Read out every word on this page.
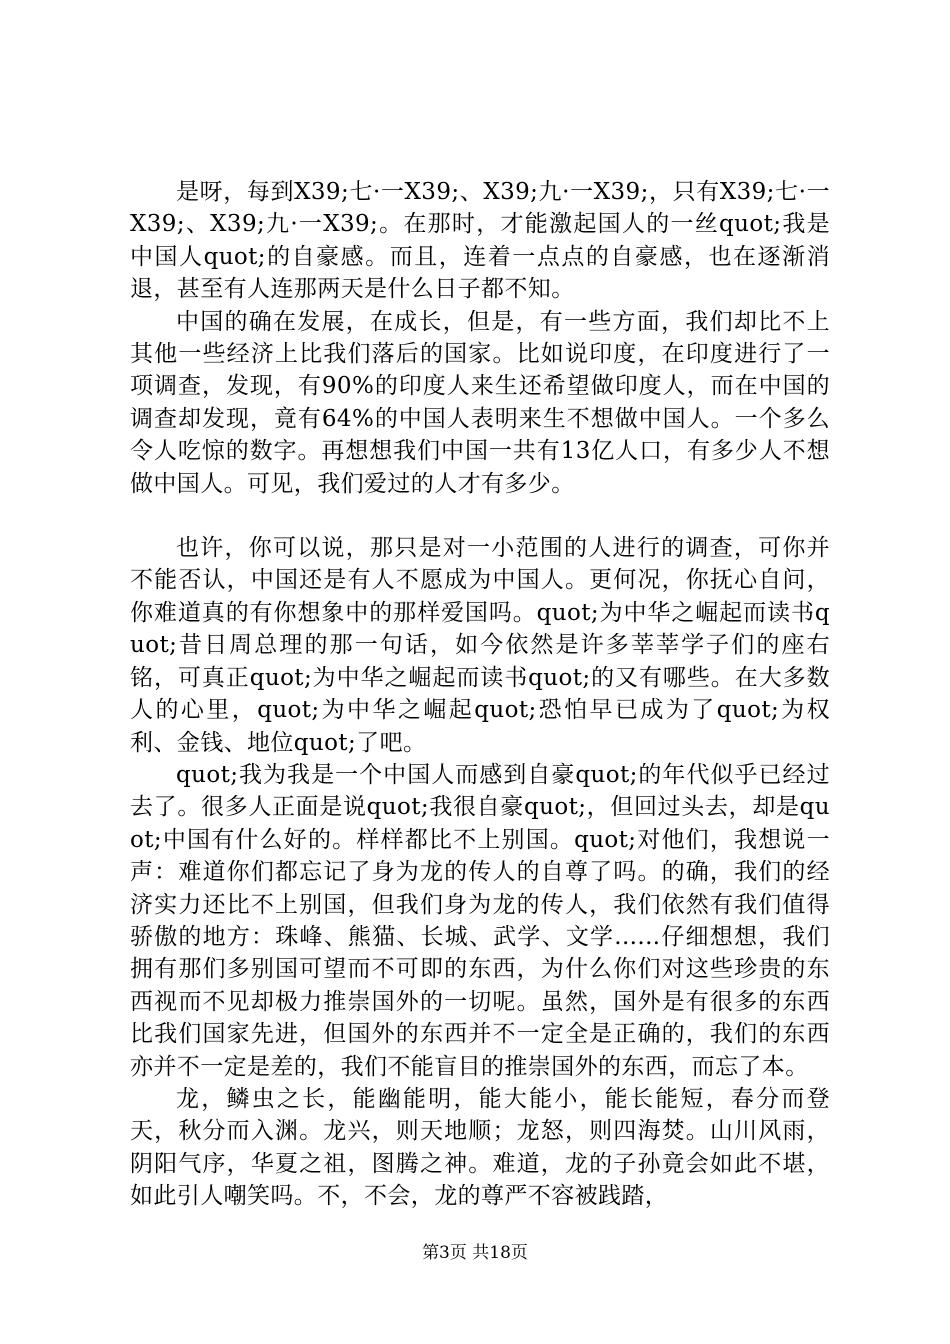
是呀，每到X39;七·一X39;、X39;九·一X39;，只有X39;七·一X39;、X39;九·一X39;。在那时，才能激起国人的一丝quot;我是中国人quot;的自豪感。而且，连着一点点的自豪感，也在逐渐消退，甚至有人连那两天是什么日子都不知。

中国的确在发展，在成长，但是，有一些方面，我们却比不上其他一些经济上比我们落后的国家。比如说印度，在印度进行了一项调查，发现，有90%的印度人来生还希望做印度人，而在中国的调查却发现，竟有64%的中国人表明来生不想做中国人。一个多么令人吃惊的数字。再想想我们中国一共有13亿人口，有多少人不想做中国人。可见，我们爱过的人才有多少。

也许，你可以说，那只是对一小范围的人进行的调查，可你并不能否认，中国还是有人不愿成为中国人。更何况，你抚心自问，你难道真的有你想象中的那样爱国吗。quot;为中华之崛起而读书quot;昔日周总理的那一句话，如今依然是许多莘莘学子们的座右铭，可真正quot;为中华之崛起而读书quot;的又有哪些。在大多数人的心里，quot;为中华之崛起quot;恐怕早已成为了quot;为权利、金钱、地位quot;了吧。

quot;我为我是一个中国人而感到自豪quot;的年代似乎已经过去了。很多人正面是说quot;我很自豪quot;，但回过头去，却是quot;中国有什么好的。样样都比不上别国。quot;对他们，我想说一声：难道你们都忘记了身为龙的传人的自尊了吗。的确，我们的经济实力还比不上别国，但我们身为龙的传人，我们依然有我们值得骄傲的地方：珠峰、熊猫、长城、武学、文学......仔细想想，我们拥有那们多别国可望而不可即的东西，为什么你们对这些珍贵的东西视而不见却极力推崇国外的一切呢。虽然，国外是有很多的东西比我们国家先进，但国外的东西并不一定全是正确的，我们的东西亦并不一定是差的，我们不能盲目的推崇国外的东西，而忘了本。

龙，鳞虫之长，能幽能明，能大能小，能长能短，春分而登天，秋分而入渊。龙兴，则天地顺；龙怒，则四海焚。山川风雨，阴阳气序，华夏之祖，图腾之神。难道，龙的子孙竟会如此不堪，如此引人嘲笑吗。不，不会，龙的尊严不容被践踏，

第3页 共18页
